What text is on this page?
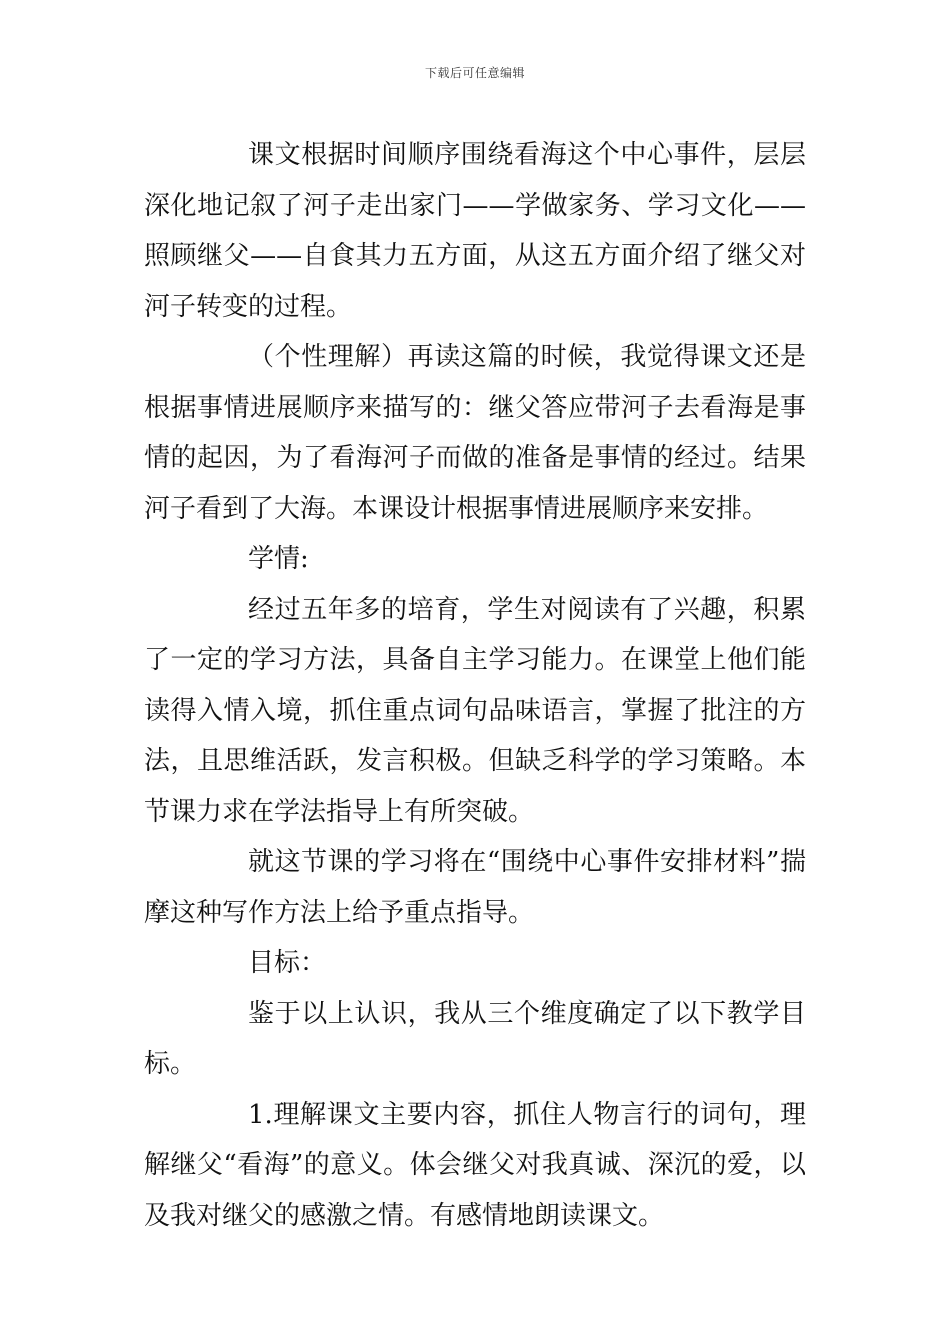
下载后可任意编辑

课文根据时间顺序围绕看海这个中心事件，层层深化地记叙了河子走出家门——学做家务、学习文化——照顾继父——自食其力五方面，从这五方面介绍了继父对河子转变的过程。

（个性理解）再读这篇的时候，我觉得课文还是根据事情进展顺序来描写的：继父答应带河子去看海是事情的起因，为了看海河子而做的准备是事情的经过。结果河子看到了大海。本课设计根据事情进展顺序来安排。

学情:

经过五年多的培育，学生对阅读有了兴趣，积累了一定的学习方法，具备自主学习能力。在课堂上他们能读得入情入境，抓住重点词句品味语言，掌握了批注的方法，且思维活跃，发言积极。但缺乏科学的学习策略。本节课力求在学法指导上有所突破。

就这节课的学习将在“围绕中心事件安排材料”揣摩这种写作方法上给予重点指导。

目标：

鉴于以上认识，我从三个维度确定了以下教学目标。

1.理解课文主要内容，抓住人物言行的词句，理解继父“看海”的意义。体会继父对我真诚、深沉的爱，以及我对继父的感激之情。有感情地朗读课文。
